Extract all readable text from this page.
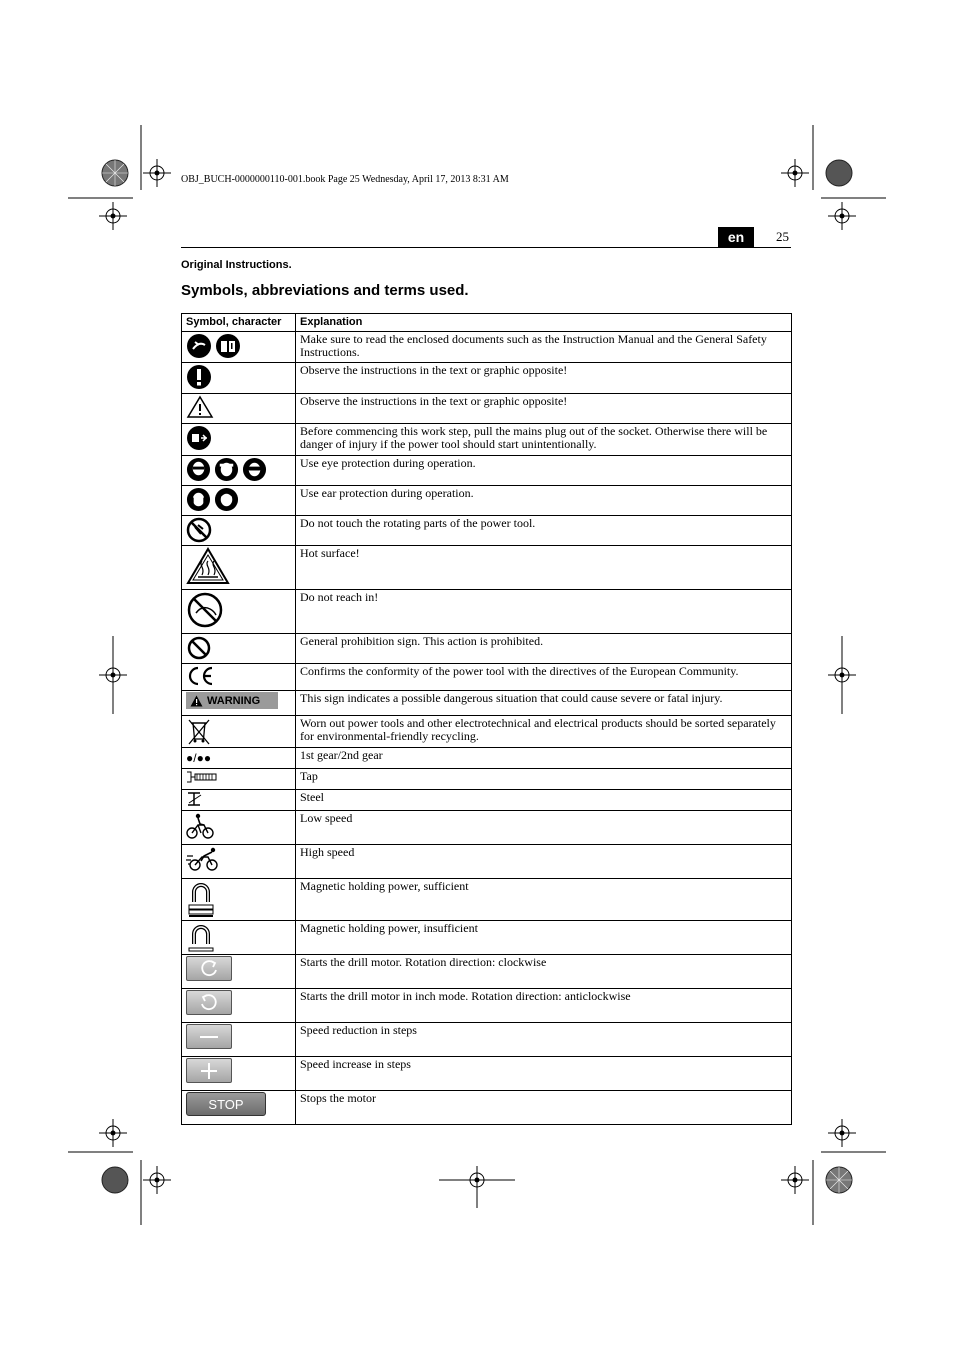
OBJ_BUCH-0000000110-001.book Page 25 Wednesday, April 17, 2013 8:31 AM
en	25
Original Instructions.
Symbols, abbreviations and terms used.
Symbol, character	Explanation

	Make sure to read the enclosed documents such as the Instruction Manual and the General Safety Instructions.

	Observe the instructions in the text or graphic opposite!

	Observe the instructions in the text or graphic opposite!

	Before commencing this work step, pull the mains plug out of the socket. Otherwise there will be danger of injury if the power tool should start unintentionally.

	Use eye protection during operation.

	Use ear protection during operation.

	Do not touch the rotating parts of the power tool.

	Hot surface!

	Do not reach in!

	General prohibition sign. This action is prohibited.

	Confirms the conformity of the power tool with the directives of the European Community.

WARNING	This sign indicates a possible dangerous situation that could cause severe or fatal injury.

	Worn out power tools and other electrotechnical and electrical products should be sorted separately for environmental-friendly recycling.
●/●●	1st gear/2nd gear

	Tap

	Steel

	Low speed

	High speed

	Magnetic holding power, sufficient

	Magnetic holding power, insufficient

	Starts the drill motor. Rotation direction: clockwise

	Starts the drill motor in inch mode. Rotation direction: anticlockwise

	Speed reduction in steps

	Speed increase in steps

STOP	Stops the motor
